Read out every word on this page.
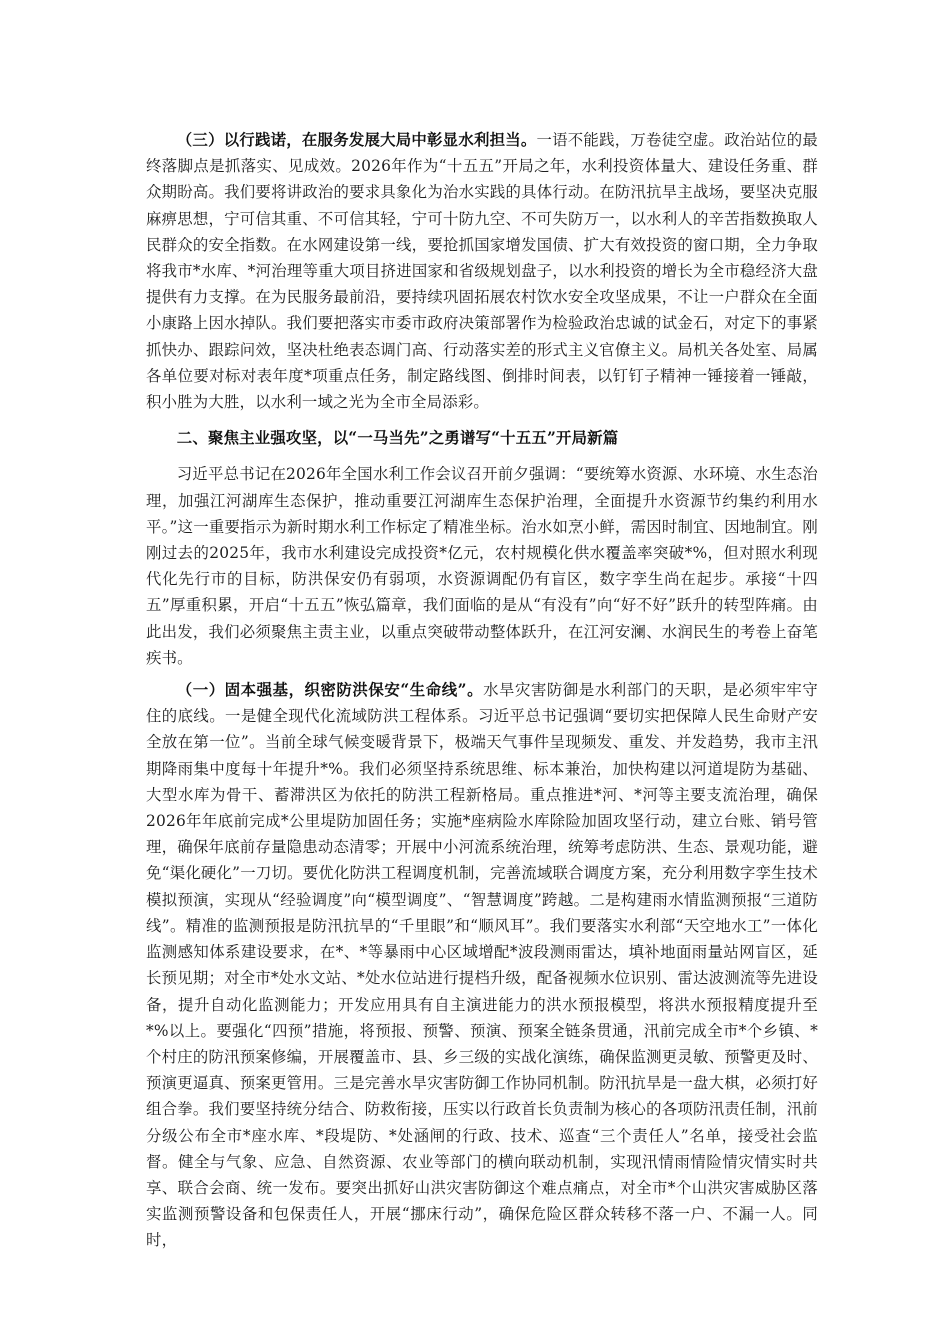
（三）以行践诺，在服务发展大局中彰显水利担当。一语不能践，万卷徒空虚。政治站位的最终落脚点是抓落实、见成效。2026年作为“十五五”开局之年，水利投资体量大、建设任务重、群众期盼高。我们要将讲政治的要求具象化为治水实践的具体行动。在防汛抗旱主战场，要坚决克服麻痹思想，宁可信其重、不可信其轻，宁可十防九空、不可失防万一，以水利人的辛苦指数换取人民群众的安全指数。在水网建设第一线，要抢抓国家增发国债、扩大有效投资的窗口期，全力争取将我市*水库、*河治理等重大项目挤进国家和省级规划盘子，以水利投资的增长为全市稳经济大盘提供有力支撑。在为民服务最前沿，要持续巩固拓展农村饮水安全攻坚成果，不让一户群众在全面小康路上因水掉队。我们要把落实市委市政府决策部署作为检验政治忠诚的试金石，对定下的事紧抓快办、跟踪问效，坚决杜绝表态调门高、行动落实差的形式主义官僚主义。局机关各处室、局属各单位要对标对表年度*项重点任务，制定路线图、倒排时间表，以钉钉子精神一锤接着一锤敲，积小胜为大胜，以水利一域之光为全市全局添彩。

二、聚焦主业强攻坚，以“一马当先”之勇谱写“十五五”开局新篇

习近平总书记在2026年全国水利工作会议召开前夕强调：“要统筹水资源、水环境、水生态治理，加强江河湖库生态保护，推动重要江河湖库生态保护治理，全面提升水资源节约集约利用水平。”这一重要指示为新时期水利工作标定了精准坐标。治水如烹小鲜，需因时制宜、因地制宜。刚刚过去的2025年，我市水利建设完成投资*亿元，农村规模化供水覆盖率突破*%，但对照水利现代化先行市的目标，防洪保安仍有弱项，水资源调配仍有盲区，数字孪生尚在起步。承接“十四五”厚重积累，开启“十五五”恢弘篇章，我们面临的是从“有没有”向“好不好”跃升的转型阵痛。由此出发，我们必须聚焦主责主业，以重点突破带动整体跃升，在江河安澜、水润民生的考卷上奋笔疾书。

（一）固本强基，织密防洪保安“生命线”。水旱灾害防御是水利部门的天职，是必须牢牢守住的底线。一是健全现代化流域防洪工程体系。习近平总书记强调“要切实把保障人民生命财产安全放在第一位”。当前全球气候变暖背景下，极端天气事件呈现频发、重发、并发趋势，我市主汛期降雨集中度每十年提升*%。我们必须坚持系统思维、标本兼治，加快构建以河道堤防为基础、大型水库为骨干、蓄滞洪区为依托的防洪工程新格局。重点推进*河、*河等主要支流治理，确保2026年年底前完成*公里堤防加固任务；实施*座病险水库除险加固攻坚行动，建立台账、销号管理，确保年底前存量隐患动态清零；开展中小河流系统治理，统筹考虑防洪、生态、景观功能，避免“渠化硬化”一刀切。要优化防洪工程调度机制，完善流域联合调度方案，充分利用数字孪生技术模拟预演，实现从“经验调度”向“模型调度”、“智慧调度”跨越。二是构建雨水情监测预报“三道防线”。精准的监测预报是防汛抗旱的“千里眼”和“顺风耳”。我们要落实水利部“天空地水工”一体化监测感知体系建设要求，在*、*等暴雨中心区域增配*波段测雨雷达，填补地面雨量站网盲区，延长预见期；对全市*处水文站、*处水位站进行提档升级，配备视频水位识别、雷达波测流等先进设备，提升自动化监测能力；开发应用具有自主演进能力的洪水预报模型，将洪水预报精度提升至*%以上。要强化“四预”措施，将预报、预警、预演、预案全链条贯通，汛前完成全市*个乡镇、*个村庄的防汛预案修编，开展覆盖市、县、乡三级的实战化演练，确保监测更灵敏、预警更及时、预演更逼真、预案更管用。三是完善水旱灾害防御工作协同机制。防汛抗旱是一盘大棋，必须打好组合拳。我们要坚持统分结合、防救衔接，压实以行政首长负责制为核心的各项防汛责任制，汛前分级公布全市*座水库、*段堤防、*处涵闸的行政、技术、巡查“三个责任人”名单，接受社会监督。健全与气象、应急、自然资源、农业等部门的横向联动机制，实现汛情雨情险情灾情实时共享、联合会商、统一发布。要突出抓好山洪灾害防御这个难点痛点，对全市*个山洪灾害威胁区落实监测预警设备和包保责任人，开展“挪床行动”，确保危险区群众转移不落一户、不漏一人。同时，
